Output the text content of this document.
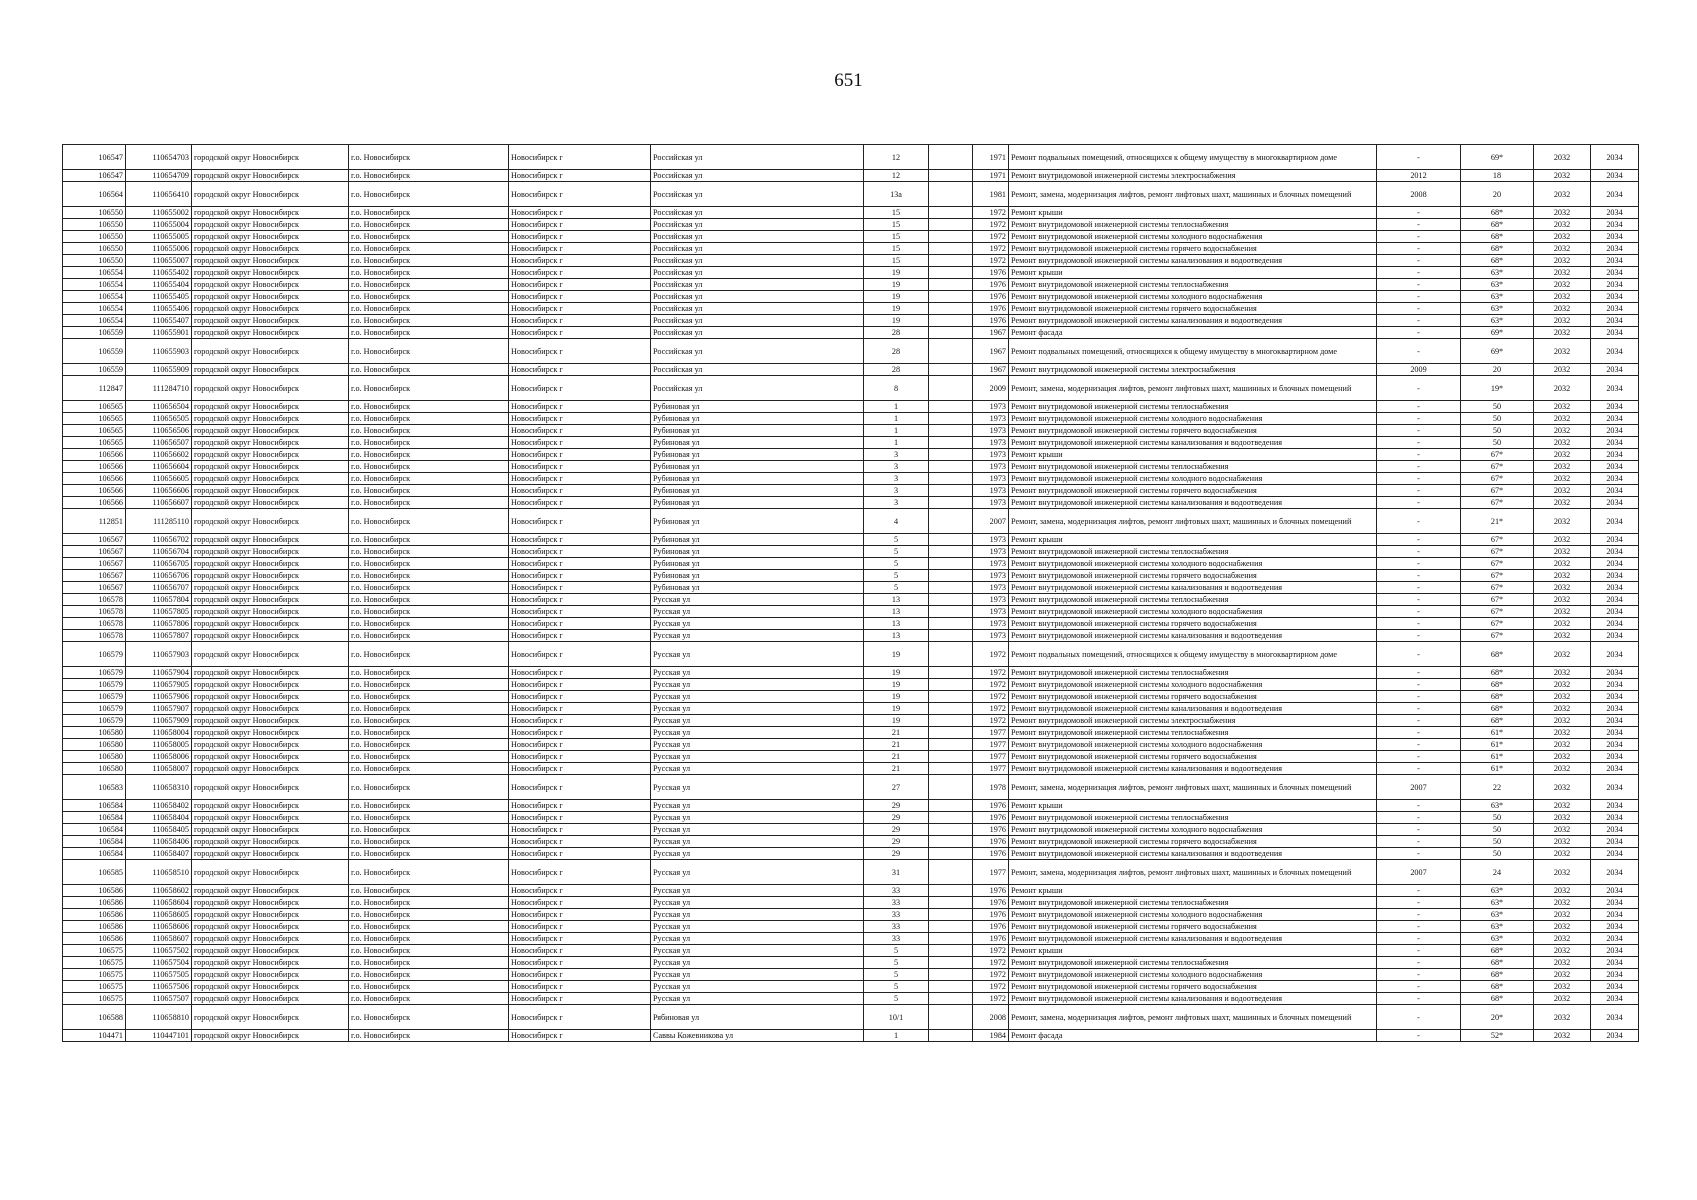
651
106547	110654703	городской округ Новосибирск	г.о. Новосибирск	Новосибирск г	Российская ул	12		1971	Ремонт подвальных помещений, относящихся к общему имуществу в многоквартирном доме	-	69*	2032	2034
106547	110654709	городской округ Новосибирск	г.о. Новосибирск	Новосибирск г	Российская ул	12		1971	Ремонт внутридомовой инженерной системы электроснабжения	2012	18	2032	2034
106564	110656410	городской округ Новосибирск	г.о. Новосибирск	Новосибирск г	Российская ул	13а		1981	Ремонт, замена, модернизация лифтов, ремонт лифтовых шахт, машинных и блочных помещений	2008	20	2032	2034
106550	110655002	городской округ Новосибирск	г.о. Новосибирск	Новосибирск г	Российская ул	15		1972	Ремонт крыши	-	68*	2032	2034
106550	110655004	городской округ Новосибирск	г.о. Новосибирск	Новосибирск г	Российская ул	15		1972	Ремонт внутридомовой инженерной системы теплоснабжения	-	68*	2032	2034
106550	110655005	городской округ Новосибирск	г.о. Новосибирск	Новосибирск г	Российская ул	15		1972	Ремонт внутридомовой инженерной системы холодного водоснабжения	-	68*	2032	2034
106550	110655006	городской округ Новосибирск	г.о. Новосибирск	Новосибирск г	Российская ул	15		1972	Ремонт внутридомовой инженерной системы горячего водоснабжения	-	68*	2032	2034
106550	110655007	городской округ Новосибирск	г.о. Новосибирск	Новосибирск г	Российская ул	15		1972	Ремонт внутридомовой инженерной системы канализования и водоотведения	-	68*	2032	2034
106554	110655402	городской округ Новосибирск	г.о. Новосибирск	Новосибирск г	Российская ул	19		1976	Ремонт крыши	-	63*	2032	2034
106554	110655404	городской округ Новосибирск	г.о. Новосибирск	Новосибирск г	Российская ул	19		1976	Ремонт внутридомовой инженерной системы теплоснабжения	-	63*	2032	2034
106554	110655405	городской округ Новосибирск	г.о. Новосибирск	Новосибирск г	Российская ул	19		1976	Ремонт внутридомовой инженерной системы холодного водоснабжения	-	63*	2032	2034
106554	110655406	городской округ Новосибирск	г.о. Новосибирск	Новосибирск г	Российская ул	19		1976	Ремонт внутридомовой инженерной системы горячего водоснабжения	-	63*	2032	2034
106554	110655407	городской округ Новосибирск	г.о. Новосибирск	Новосибирск г	Российская ул	19		1976	Ремонт внутридомовой инженерной системы канализования и водоотведения	-	63*	2032	2034
106559	110655901	городской округ Новосибирск	г.о. Новосибирск	Новосибирск г	Российская ул	28		1967	Ремонт фасада	-	69*	2032	2034
106559	110655903	городской округ Новосибирск	г.о. Новосибирск	Новосибирск г	Российская ул	28		1967	Ремонт подвальных помещений, относящихся к общему имуществу в многоквартирном доме	-	69*	2032	2034
106559	110655909	городской округ Новосибирск	г.о. Новосибирск	Новосибирск г	Российская ул	28		1967	Ремонт внутридомовой инженерной системы электроснабжения	2009	20	2032	2034
112847	111284710	городской округ Новосибирск	г.о. Новосибирск	Новосибирск г	Российская ул	8		2009	Ремонт, замена, модернизация лифтов, ремонт лифтовых шахт, машинных и блочных помещений	-	19*	2032	2034
106565	110656504	городской округ Новосибирск	г.о. Новосибирск	Новосибирск г	Рубиновая ул	1		1973	Ремонт внутридомовой инженерной системы теплоснабжения	-	50	2032	2034
106565	110656505	городской округ Новосибирск	г.о. Новосибирск	Новосибирск г	Рубиновая ул	1		1973	Ремонт внутридомовой инженерной системы холодного водоснабжения	-	50	2032	2034
106565	110656506	городской округ Новосибирск	г.о. Новосибирск	Новосибирск г	Рубиновая ул	1		1973	Ремонт внутридомовой инженерной системы горячего водоснабжения	-	50	2032	2034
106565	110656507	городской округ Новосибирск	г.о. Новосибирск	Новосибирск г	Рубиновая ул	1		1973	Ремонт внутридомовой инженерной системы канализования и водоотведения	-	50	2032	2034
106566	110656602	городской округ Новосибирск	г.о. Новосибирск	Новосибирск г	Рубиновая ул	3		1973	Ремонт крыши	-	67*	2032	2034
106566	110656604	городской округ Новосибирск	г.о. Новосибирск	Новосибирск г	Рубиновая ул	3		1973	Ремонт внутридомовой инженерной системы теплоснабжения	-	67*	2032	2034
106566	110656605	городской округ Новосибирск	г.о. Новосибирск	Новосибирск г	Рубиновая ул	3		1973	Ремонт внутридомовой инженерной системы холодного водоснабжения	-	67*	2032	2034
106566	110656606	городской округ Новосибирск	г.о. Новосибирск	Новосибирск г	Рубиновая ул	3		1973	Ремонт внутридомовой инженерной системы горячего водоснабжения	-	67*	2032	2034
106566	110656607	городской округ Новосибирск	г.о. Новосибирск	Новосибирск г	Рубиновая ул	3		1973	Ремонт внутридомовой инженерной системы канализования и водоотведения	-	67*	2032	2034
112851	111285110	городской округ Новосибирск	г.о. Новосибирск	Новосибирск г	Рубиновая ул	4		2007	Ремонт, замена, модернизация лифтов, ремонт лифтовых шахт, машинных и блочных помещений	-	21*	2032	2034
106567	110656702	городской округ Новосибирск	г.о. Новосибирск	Новосибирск г	Рубиновая ул	5		1973	Ремонт крыши	-	67*	2032	2034
106567	110656704	городской округ Новосибирск	г.о. Новосибирск	Новосибирск г	Рубиновая ул	5		1973	Ремонт внутридомовой инженерной системы теплоснабжения	-	67*	2032	2034
106567	110656705	городской округ Новосибирск	г.о. Новосибирск	Новосибирск г	Рубиновая ул	5		1973	Ремонт внутридомовой инженерной системы холодного водоснабжения	-	67*	2032	2034
106567	110656706	городской округ Новосибирск	г.о. Новосибирск	Новосибирск г	Рубиновая ул	5		1973	Ремонт внутридомовой инженерной системы горячего водоснабжения	-	67*	2032	2034
106567	110656707	городской округ Новосибирск	г.о. Новосибирск	Новосибирск г	Рубиновая ул	5		1973	Ремонт внутридомовой инженерной системы канализования и водоотведения	-	67*	2032	2034
106578	110657804	городской округ Новосибирск	г.о. Новосибирск	Новосибирск г	Русская ул	13		1973	Ремонт внутридомовой инженерной системы теплоснабжения	-	67*	2032	2034
106578	110657805	городской округ Новосибирск	г.о. Новосибирск	Новосибирск г	Русская ул	13		1973	Ремонт внутридомовой инженерной системы холодного водоснабжения	-	67*	2032	2034
106578	110657806	городской округ Новосибирск	г.о. Новосибирск	Новосибирск г	Русская ул	13		1973	Ремонт внутридомовой инженерной системы горячего водоснабжения	-	67*	2032	2034
106578	110657807	городской округ Новосибирск	г.о. Новосибирск	Новосибирск г	Русская ул	13		1973	Ремонт внутридомовой инженерной системы канализования и водоотведения	-	67*	2032	2034
106579	110657903	городской округ Новосибирск	г.о. Новосибирск	Новосибирск г	Русская ул	19		1972	Ремонт подвальных помещений, относящихся к общему имуществу в многоквартирном доме	-	68*	2032	2034
106579	110657904	городской округ Новосибирск	г.о. Новосибирск	Новосибирск г	Русская ул	19		1972	Ремонт внутридомовой инженерной системы теплоснабжения	-	68*	2032	2034
106579	110657905	городской округ Новосибирск	г.о. Новосибирск	Новосибирск г	Русская ул	19		1972	Ремонт внутридомовой инженерной системы холодного водоснабжения	-	68*	2032	2034
106579	110657906	городской округ Новосибирск	г.о. Новосибирск	Новосибирск г	Русская ул	19		1972	Ремонт внутридомовой инженерной системы горячего водоснабжения	-	68*	2032	2034
106579	110657907	городской округ Новосибирск	г.о. Новосибирск	Новосибирск г	Русская ул	19		1972	Ремонт внутридомовой инженерной системы канализования и водоотведения	-	68*	2032	2034
106579	110657909	городской округ Новосибирск	г.о. Новосибирск	Новосибирск г	Русская ул	19		1972	Ремонт внутридомовой инженерной системы электроснабжения	-	68*	2032	2034
106580	110658004	городской округ Новосибирск	г.о. Новосибирск	Новосибирск г	Русская ул	21		1977	Ремонт внутридомовой инженерной системы теплоснабжения	-	61*	2032	2034
106580	110658005	городской округ Новосибирск	г.о. Новосибирск	Новосибирск г	Русская ул	21		1977	Ремонт внутридомовой инженерной системы холодного водоснабжения	-	61*	2032	2034
106580	110658006	городской округ Новосибирск	г.о. Новосибирск	Новосибирск г	Русская ул	21		1977	Ремонт внутридомовой инженерной системы горячего водоснабжения	-	61*	2032	2034
106580	110658007	городской округ Новосибирск	г.о. Новосибирск	Новосибирск г	Русская ул	21		1977	Ремонт внутридомовой инженерной системы канализования и водоотведения	-	61*	2032	2034
106583	110658310	городской округ Новосибирск	г.о. Новосибирск	Новосибирск г	Русская ул	27		1978	Ремонт, замена, модернизация лифтов, ремонт лифтовых шахт, машинных и блочных помещений	2007	22	2032	2034
106584	110658402	городской округ Новосибирск	г.о. Новосибирск	Новосибирск г	Русская ул	29		1976	Ремонт крыши	-	63*	2032	2034
106584	110658404	городской округ Новосибирск	г.о. Новосибирск	Новосибирск г	Русская ул	29		1976	Ремонт внутридомовой инженерной системы теплоснабжения	-	50	2032	2034
106584	110658405	городской округ Новосибирск	г.о. Новосибирск	Новосибирск г	Русская ул	29		1976	Ремонт внутридомовой инженерной системы холодного водоснабжения	-	50	2032	2034
106584	110658406	городской округ Новосибирск	г.о. Новосибирск	Новосибирск г	Русская ул	29		1976	Ремонт внутридомовой инженерной системы горячего водоснабжения	-	50	2032	2034
106584	110658407	городской округ Новосибирск	г.о. Новосибирск	Новосибирск г	Русская ул	29		1976	Ремонт внутридомовой инженерной системы канализования и водоотведения	-	50	2032	2034
106585	110658510	городской округ Новосибирск	г.о. Новосибирск	Новосибирск г	Русская ул	31		1977	Ремонт, замена, модернизация лифтов, ремонт лифтовых шахт, машинных и блочных помещений	2007	24	2032	2034
106586	110658602	городской округ Новосибирск	г.о. Новосибирск	Новосибирск г	Русская ул	33		1976	Ремонт крыши	-	63*	2032	2034
106586	110658604	городской округ Новосибирск	г.о. Новосибирск	Новосибирск г	Русская ул	33		1976	Ремонт внутридомовой инженерной системы теплоснабжения	-	63*	2032	2034
106586	110658605	городской округ Новосибирск	г.о. Новосибирск	Новосибирск г	Русская ул	33		1976	Ремонт внутридомовой инженерной системы холодного водоснабжения	-	63*	2032	2034
106586	110658606	городской округ Новосибирск	г.о. Новосибирск	Новосибирск г	Русская ул	33		1976	Ремонт внутридомовой инженерной системы горячего водоснабжения	-	63*	2032	2034
106586	110658607	городской округ Новосибирск	г.о. Новосибирск	Новосибирск г	Русская ул	33		1976	Ремонт внутридомовой инженерной системы канализования и водоотведения	-	63*	2032	2034
106575	110657502	городской округ Новосибирск	г.о. Новосибирск	Новосибирск г	Русская ул	5		1972	Ремонт крыши	-	68*	2032	2034
106575	110657504	городской округ Новосибирск	г.о. Новосибирск	Новосибирск г	Русская ул	5		1972	Ремонт внутридомовой инженерной системы теплоснабжения	-	68*	2032	2034
106575	110657505	городской округ Новосибирск	г.о. Новосибирск	Новосибирск г	Русская ул	5		1972	Ремонт внутридомовой инженерной системы холодного водоснабжения	-	68*	2032	2034
106575	110657506	городской округ Новосибирск	г.о. Новосибирск	Новосибирск г	Русская ул	5		1972	Ремонт внутридомовой инженерной системы горячего водоснабжения	-	68*	2032	2034
106575	110657507	городской округ Новосибирск	г.о. Новосибирск	Новосибирск г	Русская ул	5		1972	Ремонт внутридомовой инженерной системы канализования и водоотведения	-	68*	2032	2034
106588	110658810	городской округ Новосибирск	г.о. Новосибирск	Новосибирск г	Рябиновая ул	10/1		2008	Ремонт, замена, модернизация лифтов, ремонт лифтовых шахт, машинных и блочных помещений	-	20*	2032	2034
104471	110447101	городской округ Новосибирск	г.о. Новосибирск	Новосибирск г	Саввы Кожевникова ул	1		1984	Ремонт фасада	-	52*	2032	2034
